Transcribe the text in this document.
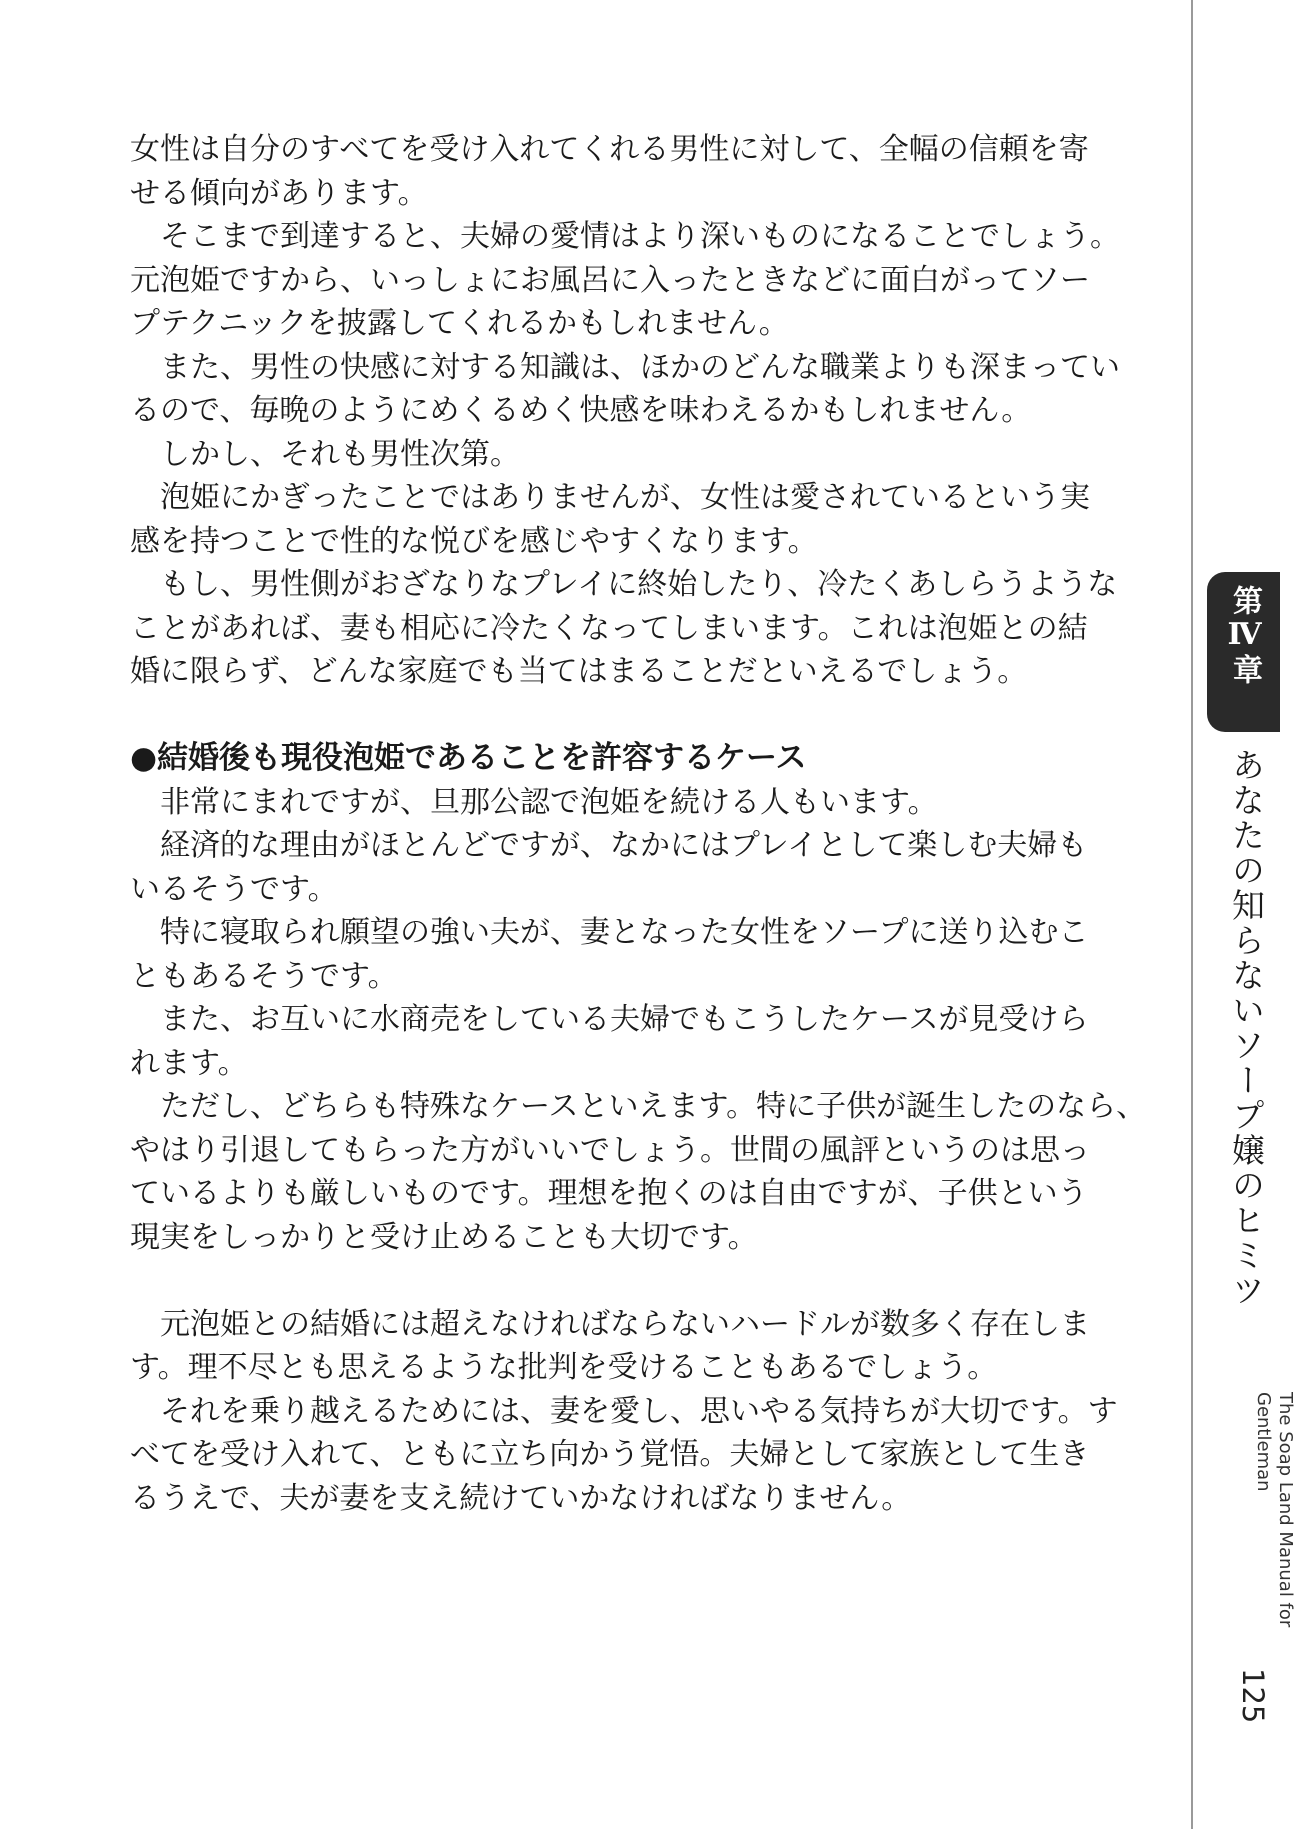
女性は自分のすべてを受け入れてくれる男性に対して、全幅の信頼を寄

せる傾向があります。

そこまで到達すると、夫婦の愛情はより深いものになることでしょう。

元泡姫ですから、いっしょにお風呂に入ったときなどに面白がってソー

プテクニックを披露してくれるかもしれません。

また、男性の快感に対する知識は、ほかのどんな職業よりも深まってい

るので、毎晩のようにめくるめく快感を味わえるかもしれません。

しかし、それも男性次第。

泡姫にかぎったことではありませんが、女性は愛されているという実

感を持つことで性的な悦びを感じやすくなります。

もし、男性側がおざなりなプレイに終始したり、冷たくあしらうような

ことがあれば、妻も相応に冷たくなってしまいます。これは泡姫との結

婚に限らず、どんな家庭でも当てはまることだといえるでしょう。

●結婚後も現役泡姫であることを許容するケース

非常にまれですが、旦那公認で泡姫を続ける人もいます。

経済的な理由がほとんどですが、なかにはプレイとして楽しむ夫婦も

いるそうです。

特に寝取られ願望の強い夫が、妻となった女性をソープに送り込むこ

ともあるそうです。

また、お互いに水商売をしている夫婦でもこうしたケースが見受けら

れます。

ただし、どちらも特殊なケースといえます。特に子供が誕生したのなら、

やはり引退してもらった方がいいでしょう。世間の風評というのは思っ

ているよりも厳しいものです。理想を抱くのは自由ですが、子供という

現実をしっかりと受け止めることも大切です。

元泡姫との結婚には超えなければならないハードルが数多く存在しま

す。理不尽とも思えるような批判を受けることもあるでしょう。

それを乗り越えるためには、妻を愛し、思いやる気持ちが大切です。す

べてを受け入れて、ともに立ち向かう覚悟。夫婦として家族として生き

るうえで、夫が妻を支え続けていかなければなりません。

第Ⅳ章
あなたの知らないソープ嬢のヒミツ
The Soap Land Manual for Gentleman
125
